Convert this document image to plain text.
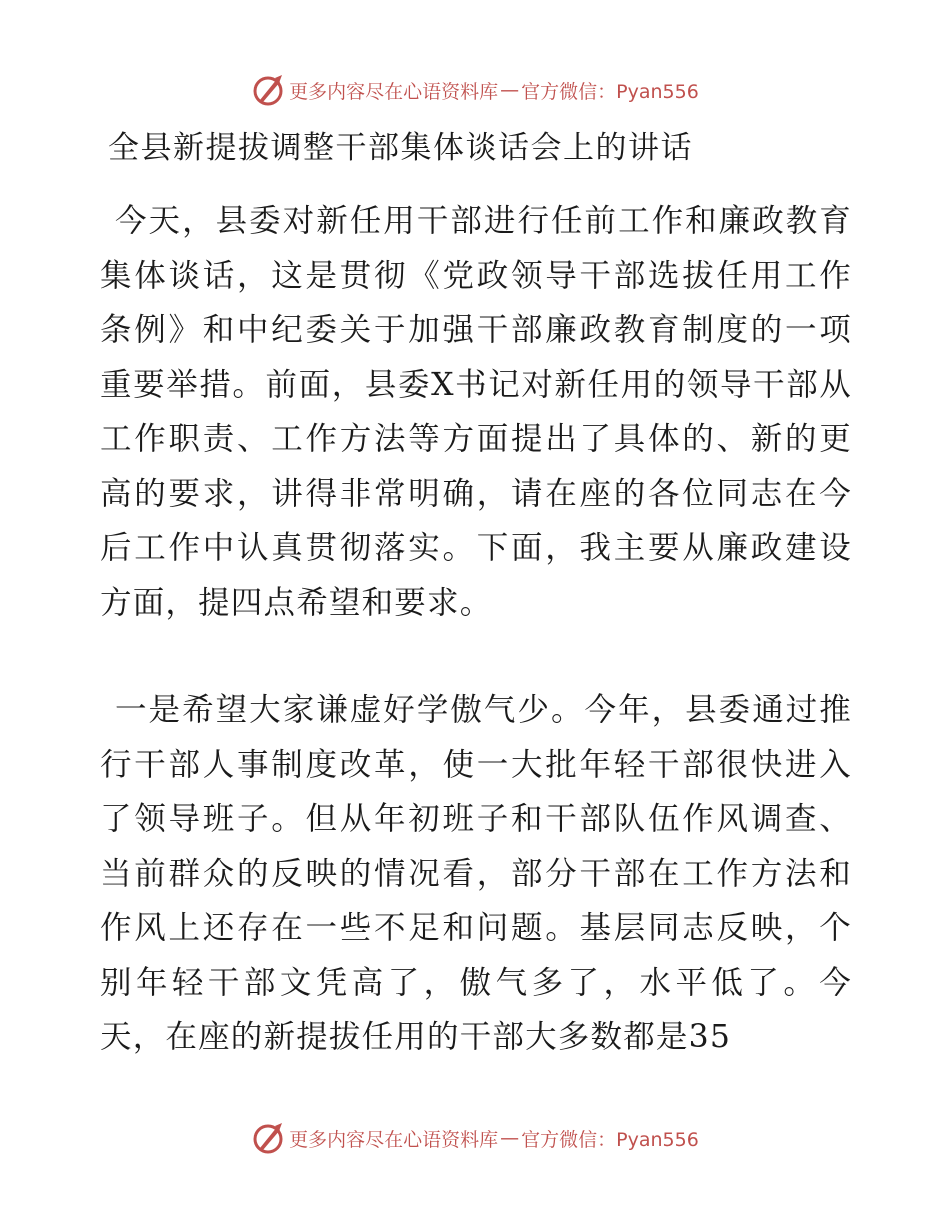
更多内容尽在心语资料库 — 官方微信：Pyan556
全县新提拔调整干部集体谈话会上的讲话

今天，县委对新任用干部进行任前工作和廉政教育集体谈话，这是贯彻《党政领导干部选拔任用工作条例》和中纪委关于加强干部廉政教育制度的一项重要举措。前面，县委X书记对新任用的领导干部从工作职责、工作方法等方面提出了具体的、新的更高的要求，讲得非常明确，请在座的各位同志在今后工作中认真贯彻落实。下面，我主要从廉政建设方面，提四点希望和要求。

一是希望大家谦虚好学傲气少。今年，县委通过推行干部人事制度改革，使一大批年轻干部很快进入了领导班子。但从年初班子和干部队伍作风调查、当前群众的反映的情况看，部分干部在工作方法和作风上还存在一些不足和问题。基层同志反映，个别年轻干部文凭高了，傲气多了，水平低了。今天，在座的新提拔任用的干部大多数都是35

更多内容尽在心语资料库 — 官方微信：Pyan556
